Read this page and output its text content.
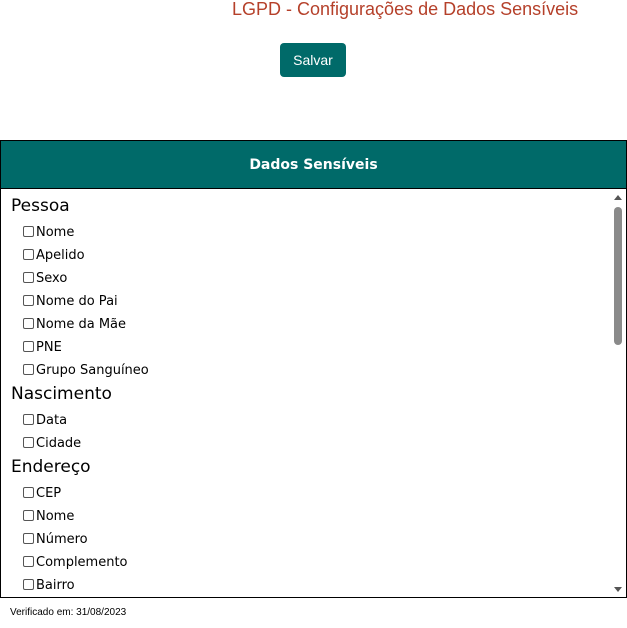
LGPD - Configurações de Dados Sensíveis
Salvar
Dados Sensíveis
Pessoa
Nome
Apelido
Sexo
Nome do Pai
Nome da Mãe
PNE
Grupo Sanguíneo
Nascimento
Data
Cidade
Endereço
CEP
Nome
Número
Complemento
Bairro
Verificado em: 31/08/2023
